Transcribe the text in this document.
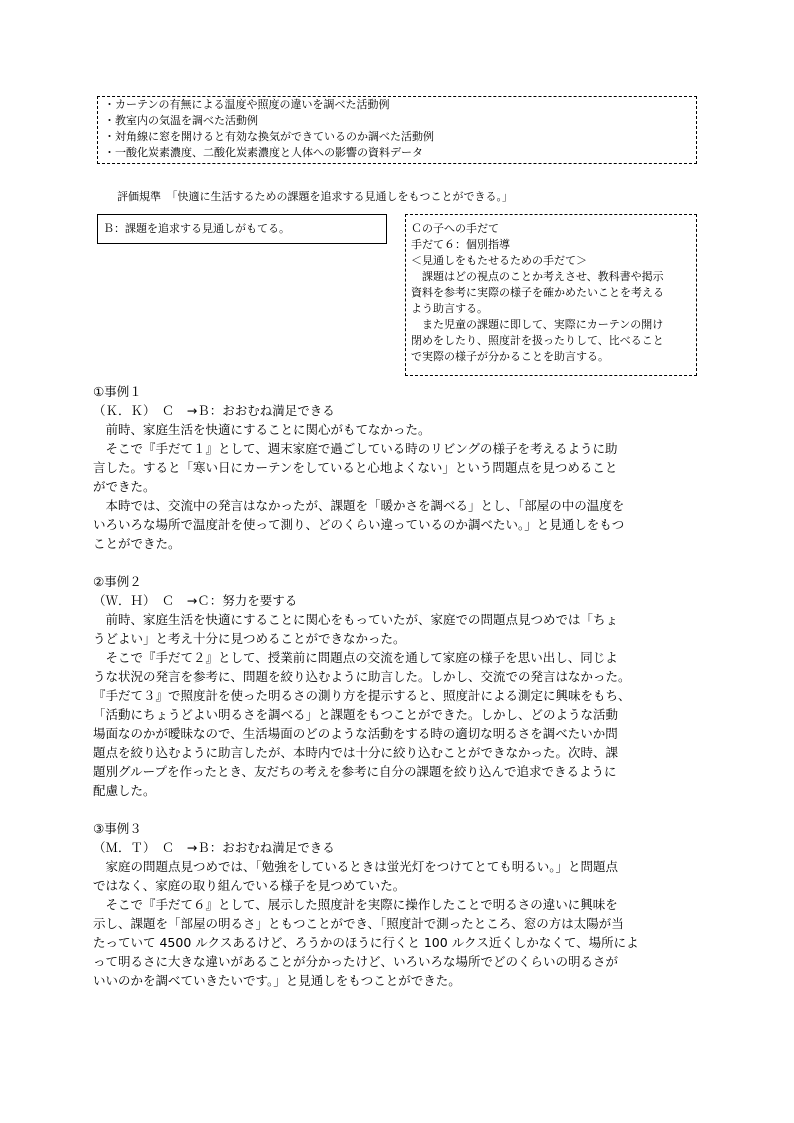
・カーテンの有無による温度や照度の違いを調べた活動例
・教室内の気温を調べた活動例
・対角線に窓を開けると有効な換気ができているのか調べた活動例
・一酸化炭素濃度、二酸化炭素濃度と人体への影響の資料データ
評価規準　「快適に生活するための課題を追求する見通しをもつことができる。」
Ｂ：課題を追求する見通しがもてる。	Ｃの子への手だて
手だて６：個別指導
＜見通しをもたせるための手だて＞
　課題はどの視点のことか考えさせ、教科書や掲示
資料を参考に実際の様子を確かめたいことを考える
よう助言する。
　また児童の課題に即して、実際にカーテンの開け
閉めをしたり、照度計を扱ったりして、比べること
で実際の様子が分かることを助言する。

①事例１

（Ｋ．Ｋ）　Ｃ　→Ｂ：おおむね満足できる

　前時、家庭生活を快適にすることに関心がもてなかった。

　そこで『手だて１』として、週末家庭で過ごしている時のリビングの様子を考えるように助

言した。すると「寒い日にカーテンをしていると心地よくない」という問題点を見つめること

ができた。

　本時では、交流中の発言はなかったが、課題を「暖かさを調べる」とし、「部屋の中の温度を

いろいろな場所で温度計を使って測り、どのくらい違っているのか調べたい。」と見通しをもつ

ことができた。

②事例２

（Ｗ．Ｈ）　Ｃ　→Ｃ：努力を要する

　前時、家庭生活を快適にすることに関心をもっていたが、家庭での問題点見つめでは「ちょ

うどよい」と考え十分に見つめることができなかった。

　そこで『手だて２』として、授業前に問題点の交流を通して家庭の様子を思い出し、同じよ

うな状況の発言を参考に、問題を絞り込むように助言した。しかし、交流での発言はなかった。

『手だて３』で照度計を使った明るさの測り方を提示すると、照度計による測定に興味をもち、

「活動にちょうどよい明るさを調べる」と課題をもつことができた。しかし、どのような活動

場面なのかが曖昧なので、生活場面のどのような活動をする時の適切な明るさを調べたいか問

題点を絞り込むように助言したが、本時内では十分に絞り込むことができなかった。次時、課

題別グループを作ったとき、友だちの考えを参考に自分の課題を絞り込んで追求できるように

配慮した。

③事例３

（Ｍ．Ｔ）　Ｃ　→Ｂ：おおむね満足できる

　家庭の問題点見つめでは、「勉強をしているときは蛍光灯をつけてとても明るい。」と問題点

ではなく、家庭の取り組んでいる様子を見つめていた。

　そこで『手だて６』として、展示した照度計を実際に操作したことで明るさの違いに興味を

示し、課題を「部屋の明るさ」ともつことができ、「照度計で測ったところ、窓の方は太陽が当

たっていて 4500 ルクスあるけど、ろうかのほうに行くと 100 ルクス近くしかなくて、場所によ

って明るさに大きな違いがあることが分かったけど、いろいろな場所でどのくらいの明るさが

いいのかを調べていきたいです。」と見通しをもつことができた。
